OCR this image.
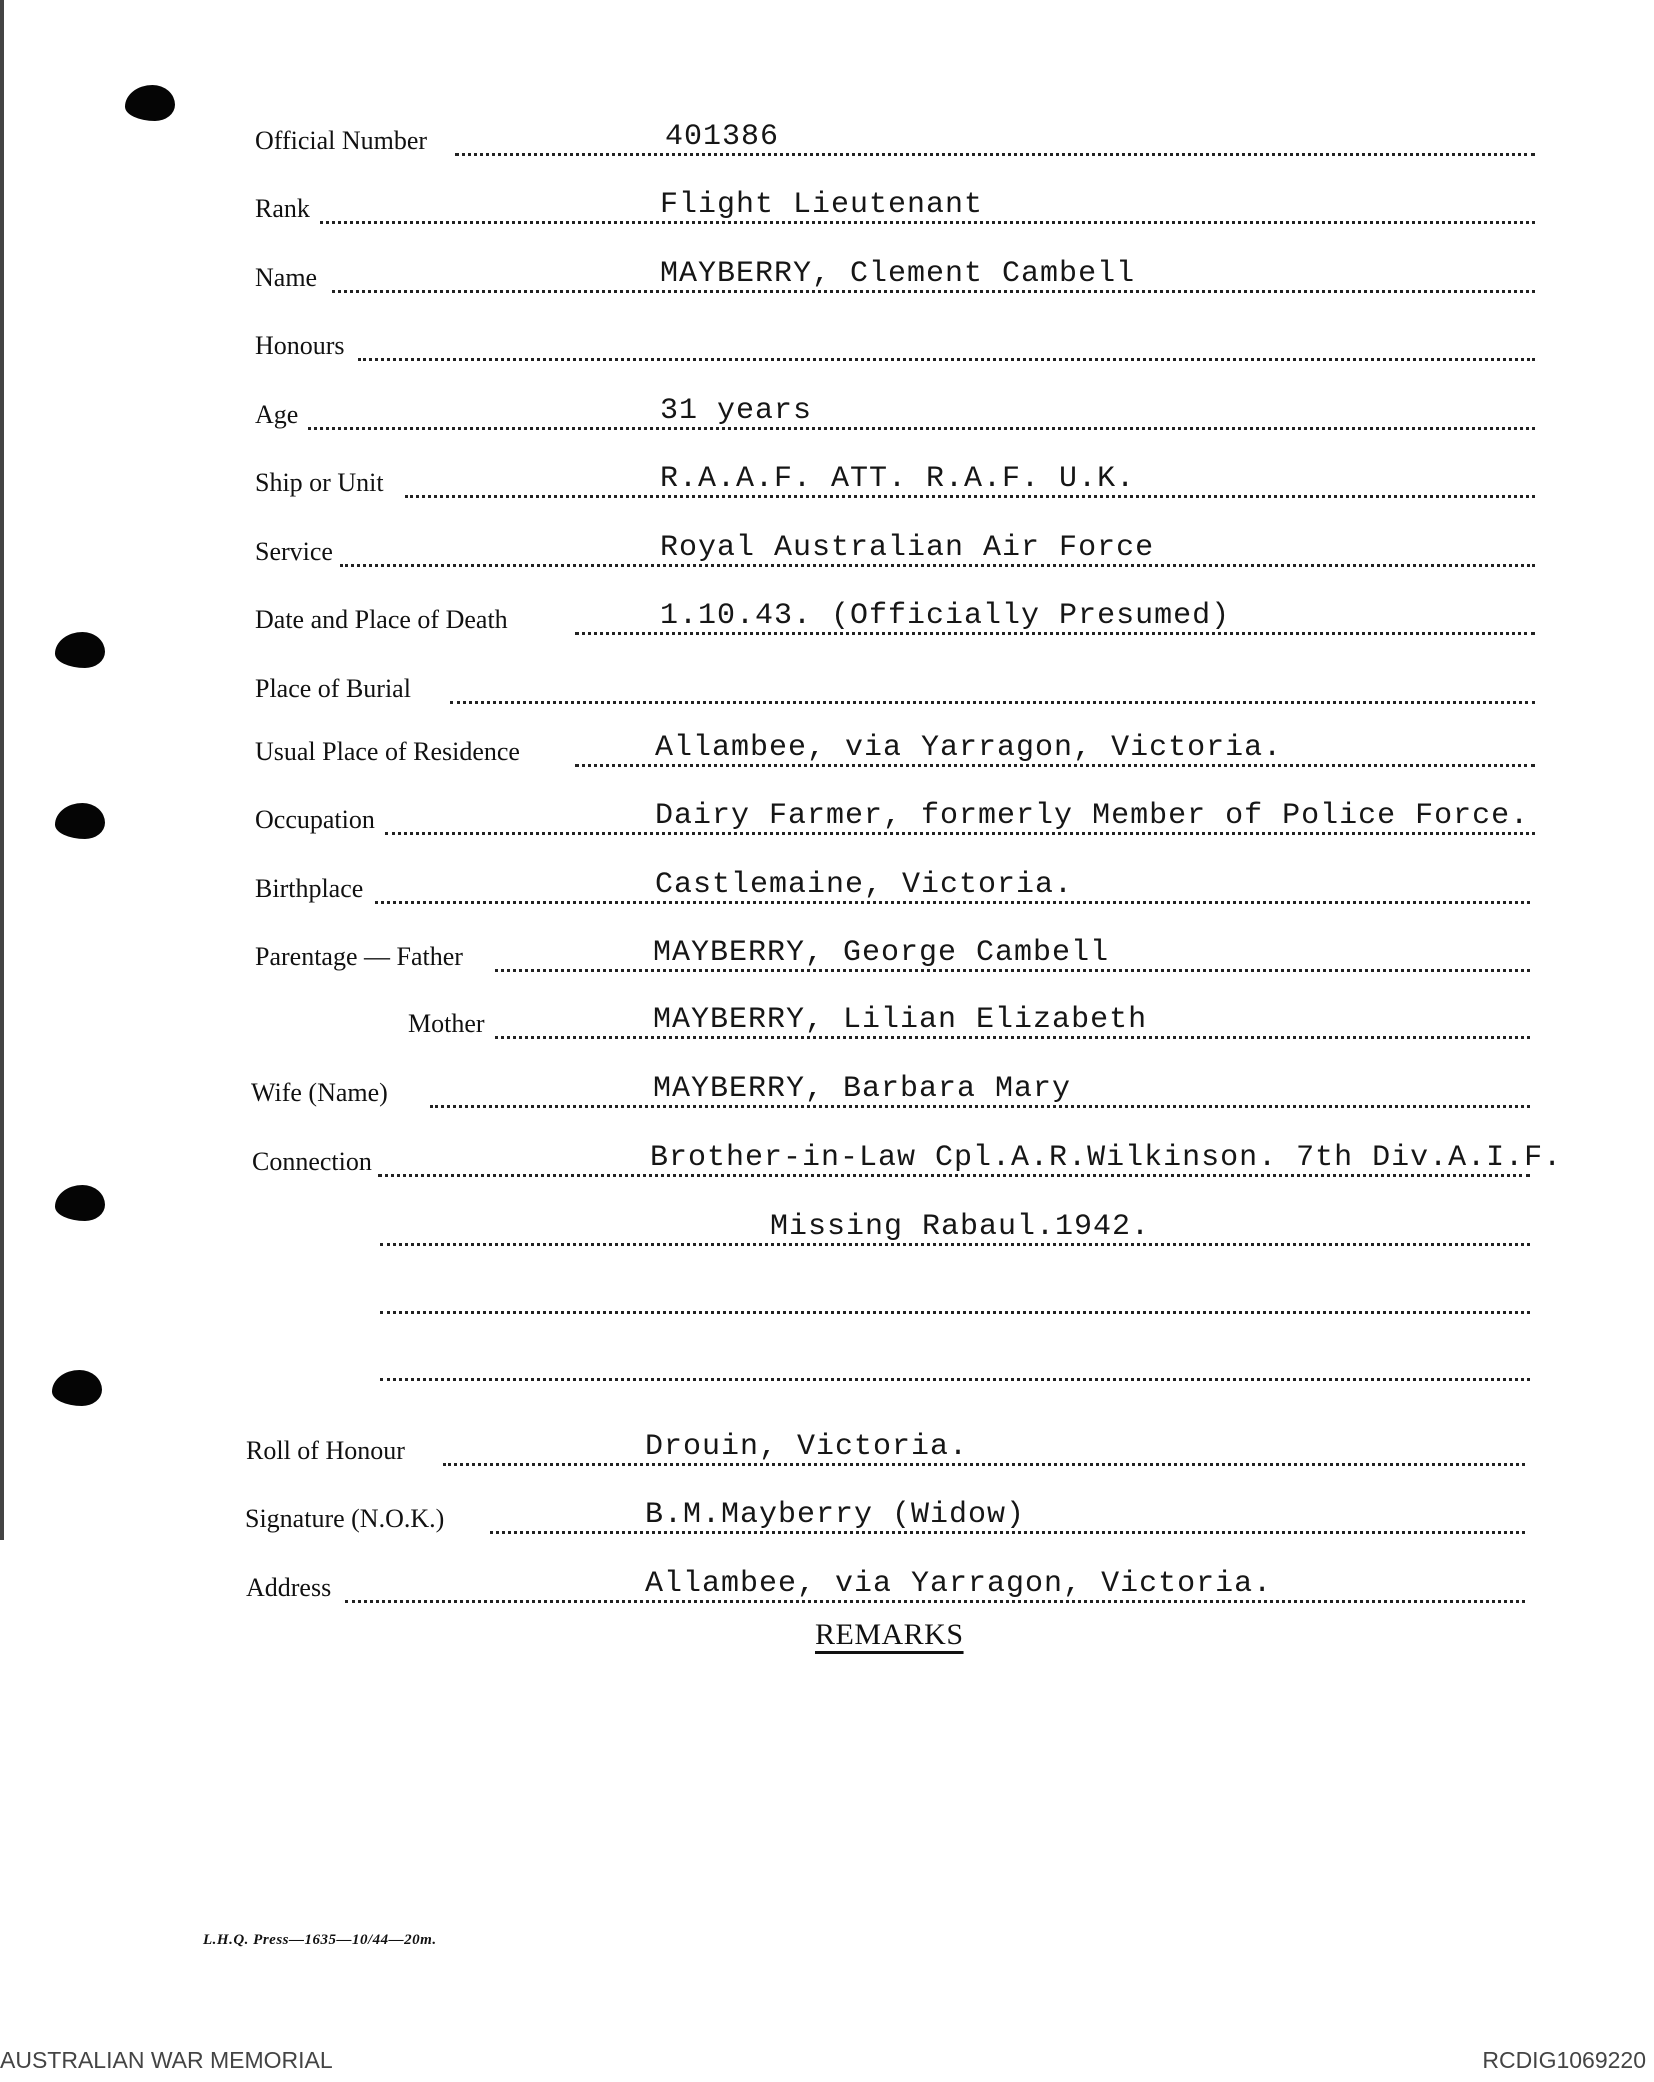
Official Number	401386
Rank	Flight Lieutenant
Name	MAYBERRY, Clement Cambell
Honours
Age	31 years
Ship or Unit	R.A.A.F. ATT. R.A.F. U.K.
Service	Royal Australian Air Force
Date and Place of Death	1.10.43. (Officially Presumed)
Place of Burial
Usual Place of Residence	Allambee, via Yarragon, Victoria.
Occupation	Dairy Farmer, formerly Member of Police Force.
Birthplace	Castlemaine, Victoria.
Parentage — Father	MAYBERRY, George Cambell
Mother	MAYBERRY, Lilian Elizabeth
Wife (Name)	MAYBERRY, Barbara Mary
Connection	Brother-in-Law Cpl.A.R.Wilkinson. 7th Div.A.I.F.
Missing Rabaul.1942.
Roll of Honour	Drouin, Victoria.
Signature (N.O.K.)	B.M.Mayberry (Widow)
Address	Allambee, via Yarragon, Victoria.
REMARKS
L.H.Q. Press—1635—10/44—20m.
AUSTRALIAN WAR MEMORIAL	RCDIG1069220
